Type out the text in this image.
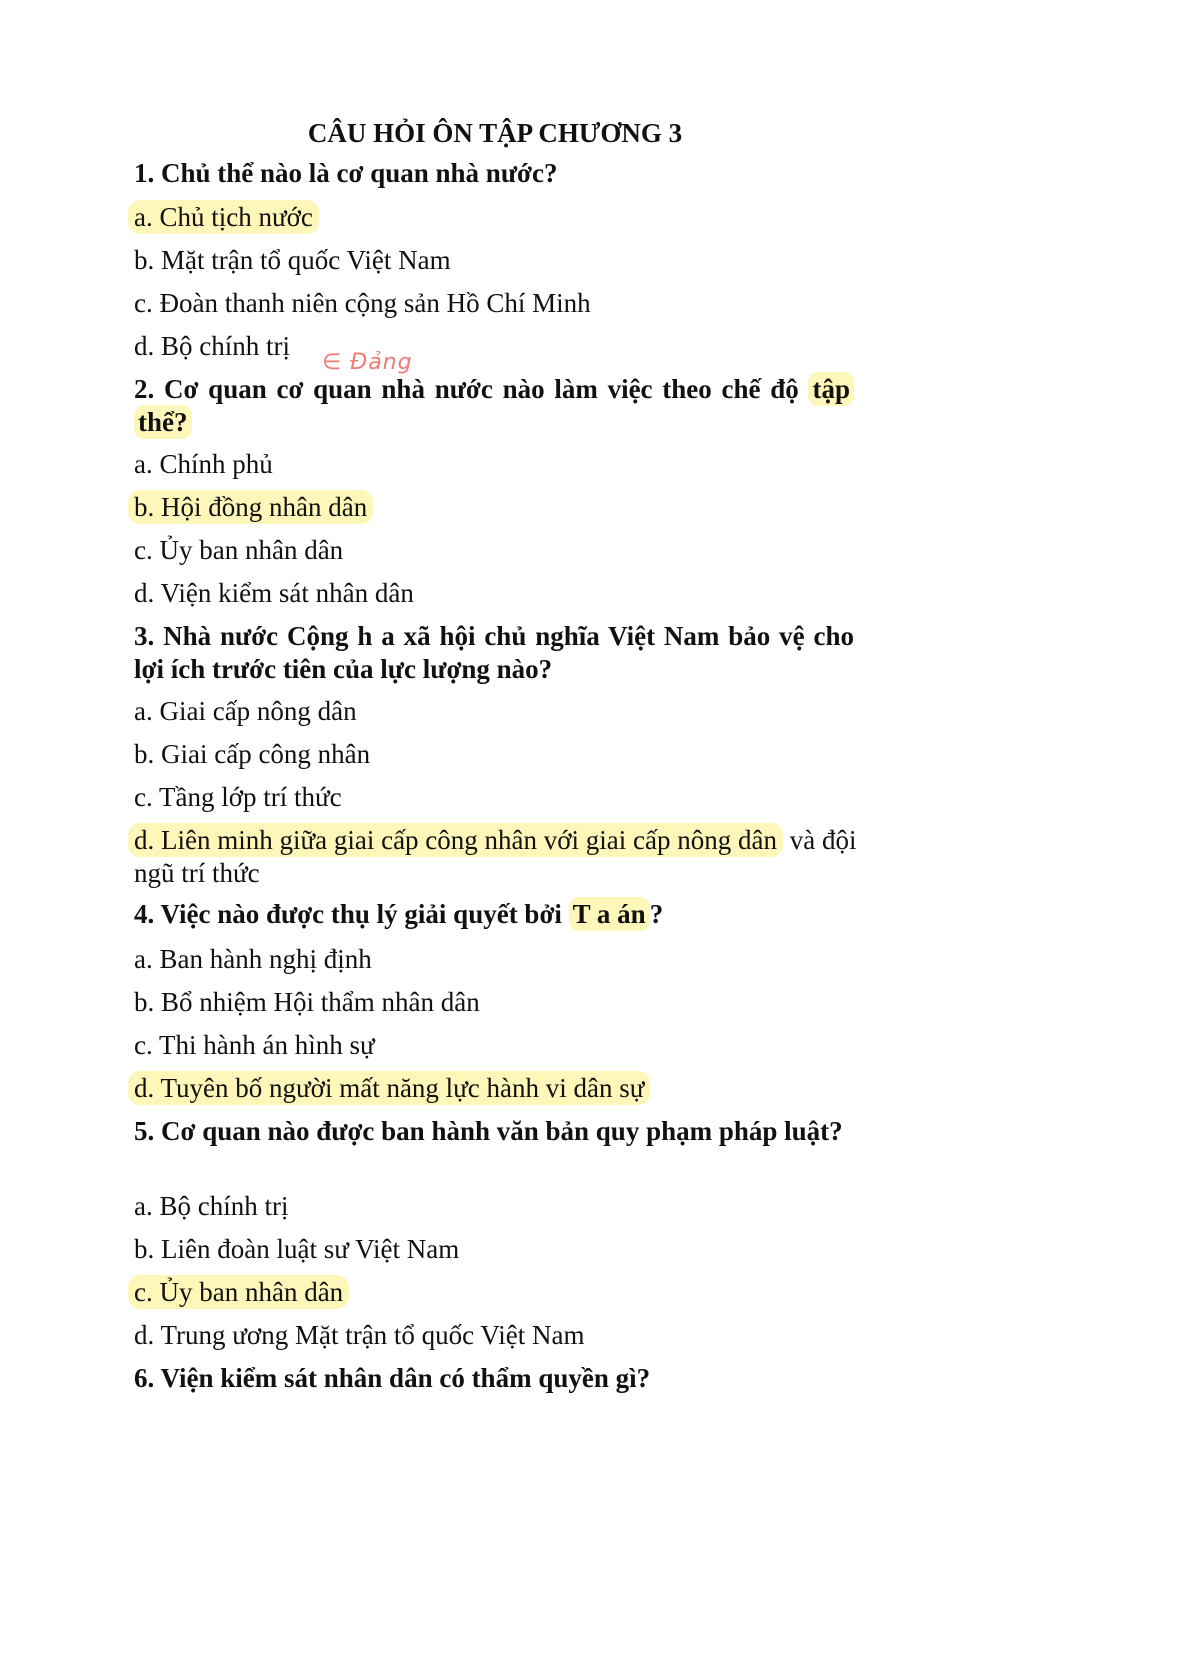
CÂU HỎI ÔN TẬP CHƯƠNG 3
1. Chủ thể nào là cơ quan nhà nước?
a. Chủ tịch nước
b. Mặt trận tổ quốc Việt Nam
c. Đoàn thanh niên cộng sản Hồ Chí Minh
d. Bộ chính trị
∈ Đảng
2. Cơ quan cơ quan nhà nước nào làm việc theo chế độ tập thể?
a. Chính phủ
b. Hội đồng nhân dân
c. Ủy ban nhân dân
d. Viện kiểm sát nhân dân
3. Nhà nước Cộng h a xã hội chủ nghĩa Việt Nam bảo vệ cho lợi ích trước tiên của lực lượng nào?
a. Giai cấp nông dân
b. Giai cấp công nhân
c. Tầng lớp trí thức
d. Liên minh giữa giai cấp công nhân với giai cấp nông dân và đội ngũ trí thức
4. Việc nào được thụ lý giải quyết bởi T a án ?
a. Ban hành nghị định
b. Bổ nhiệm Hội thẩm nhân dân
c. Thi hành án hình sự
d. Tuyên bố người mất năng lực hành vi dân sự
5. Cơ quan nào được ban hành văn bản quy phạm pháp luật?
a. Bộ chính trị
b. Liên đoàn luật sư Việt Nam
c. Ủy ban nhân dân
d. Trung ương Mặt trận tổ quốc Việt Nam
6. Viện kiểm sát nhân dân có thẩm quyền gì?
